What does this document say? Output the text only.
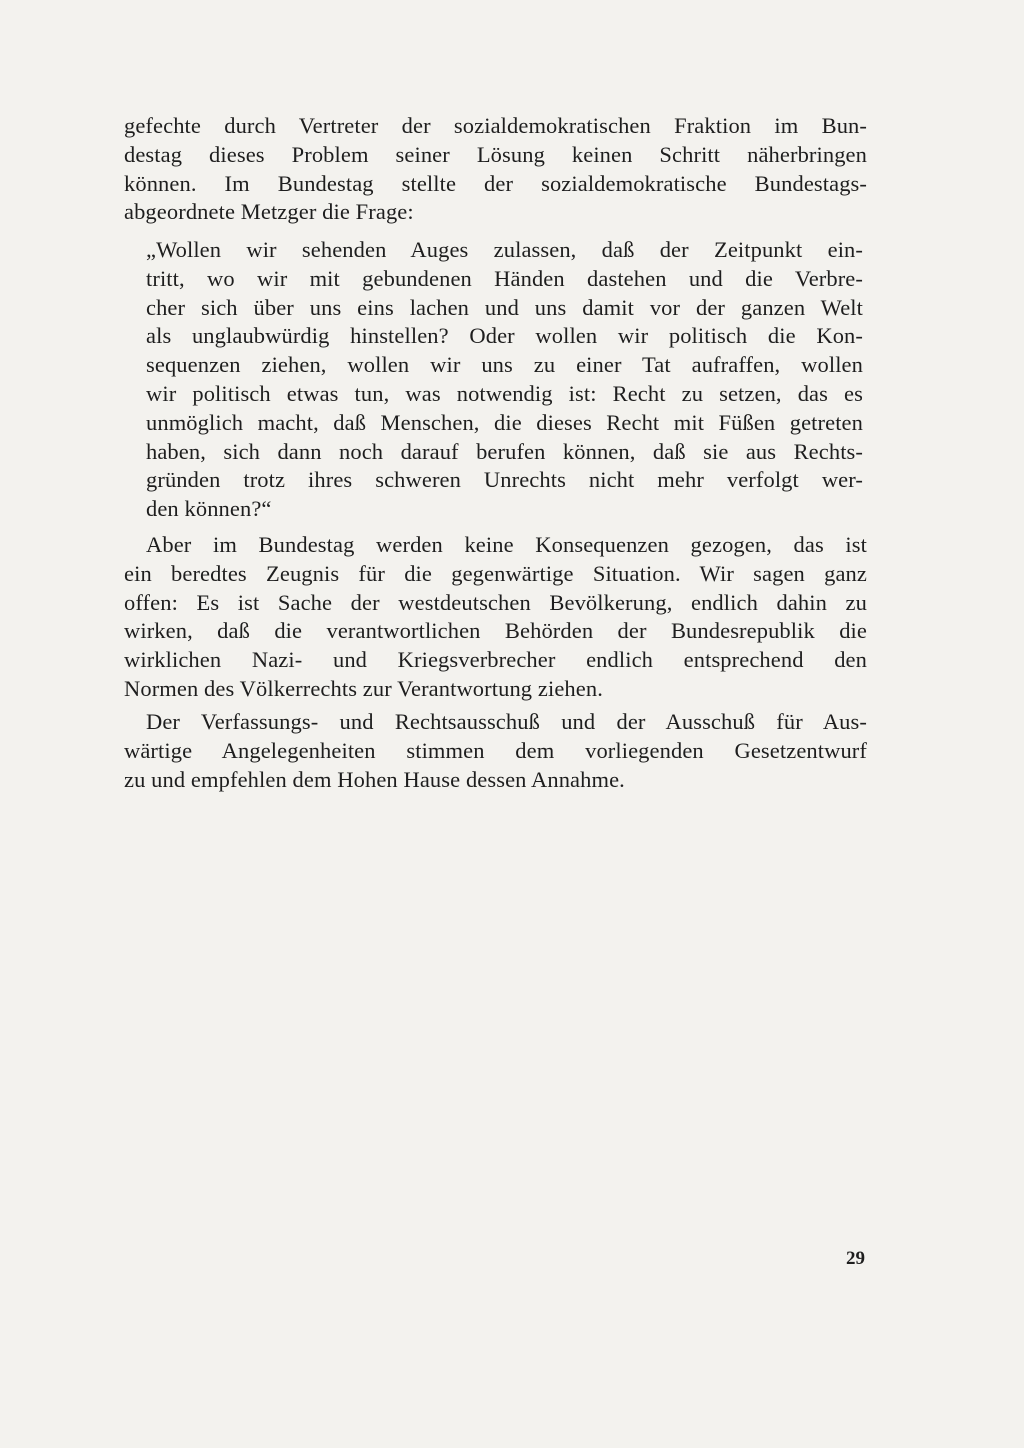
gefechte durch Vertreter der sozialdemokratischen Fraktion im Bun-
destag dieses Problem seiner Lösung keinen Schritt näherbringen
können. Im Bundestag stellte der sozialdemokratische Bundestags-
abgeordnete Metzger die Frage:
„Wollen wir sehenden Auges zulassen, daß der Zeitpunkt ein-
tritt, wo wir mit gebundenen Händen dastehen und die Verbre-
cher sich über uns eins lachen und uns damit vor der ganzen Welt
als unglaubwürdig hinstellen? Oder wollen wir politisch die Kon-
sequenzen ziehen, wollen wir uns zu einer Tat aufraffen, wollen
wir politisch etwas tun, was notwendig ist: Recht zu setzen, das es
unmöglich macht, daß Menschen, die dieses Recht mit Füßen getreten
haben, sich dann noch darauf berufen können, daß sie aus Rechts-
gründen trotz ihres schweren Unrechts nicht mehr verfolgt wer-
den können?“
Aber im Bundestag werden keine Konsequenzen gezogen, das ist
ein beredtes Zeugnis für die gegenwärtige Situation. Wir sagen ganz
offen: Es ist Sache der westdeutschen Bevölkerung, endlich dahin zu
wirken, daß die verantwortlichen Behörden der Bundesrepublik die
wirklichen Nazi- und Kriegsverbrecher endlich entsprechend den
Normen des Völkerrechts zur Verantwortung ziehen.
Der Verfassungs- und Rechtsausschuß und der Ausschuß für Aus-
wärtige Angelegenheiten stimmen dem vorliegenden Gesetzentwurf
zu und empfehlen dem Hohen Hause dessen Annahme.
29
